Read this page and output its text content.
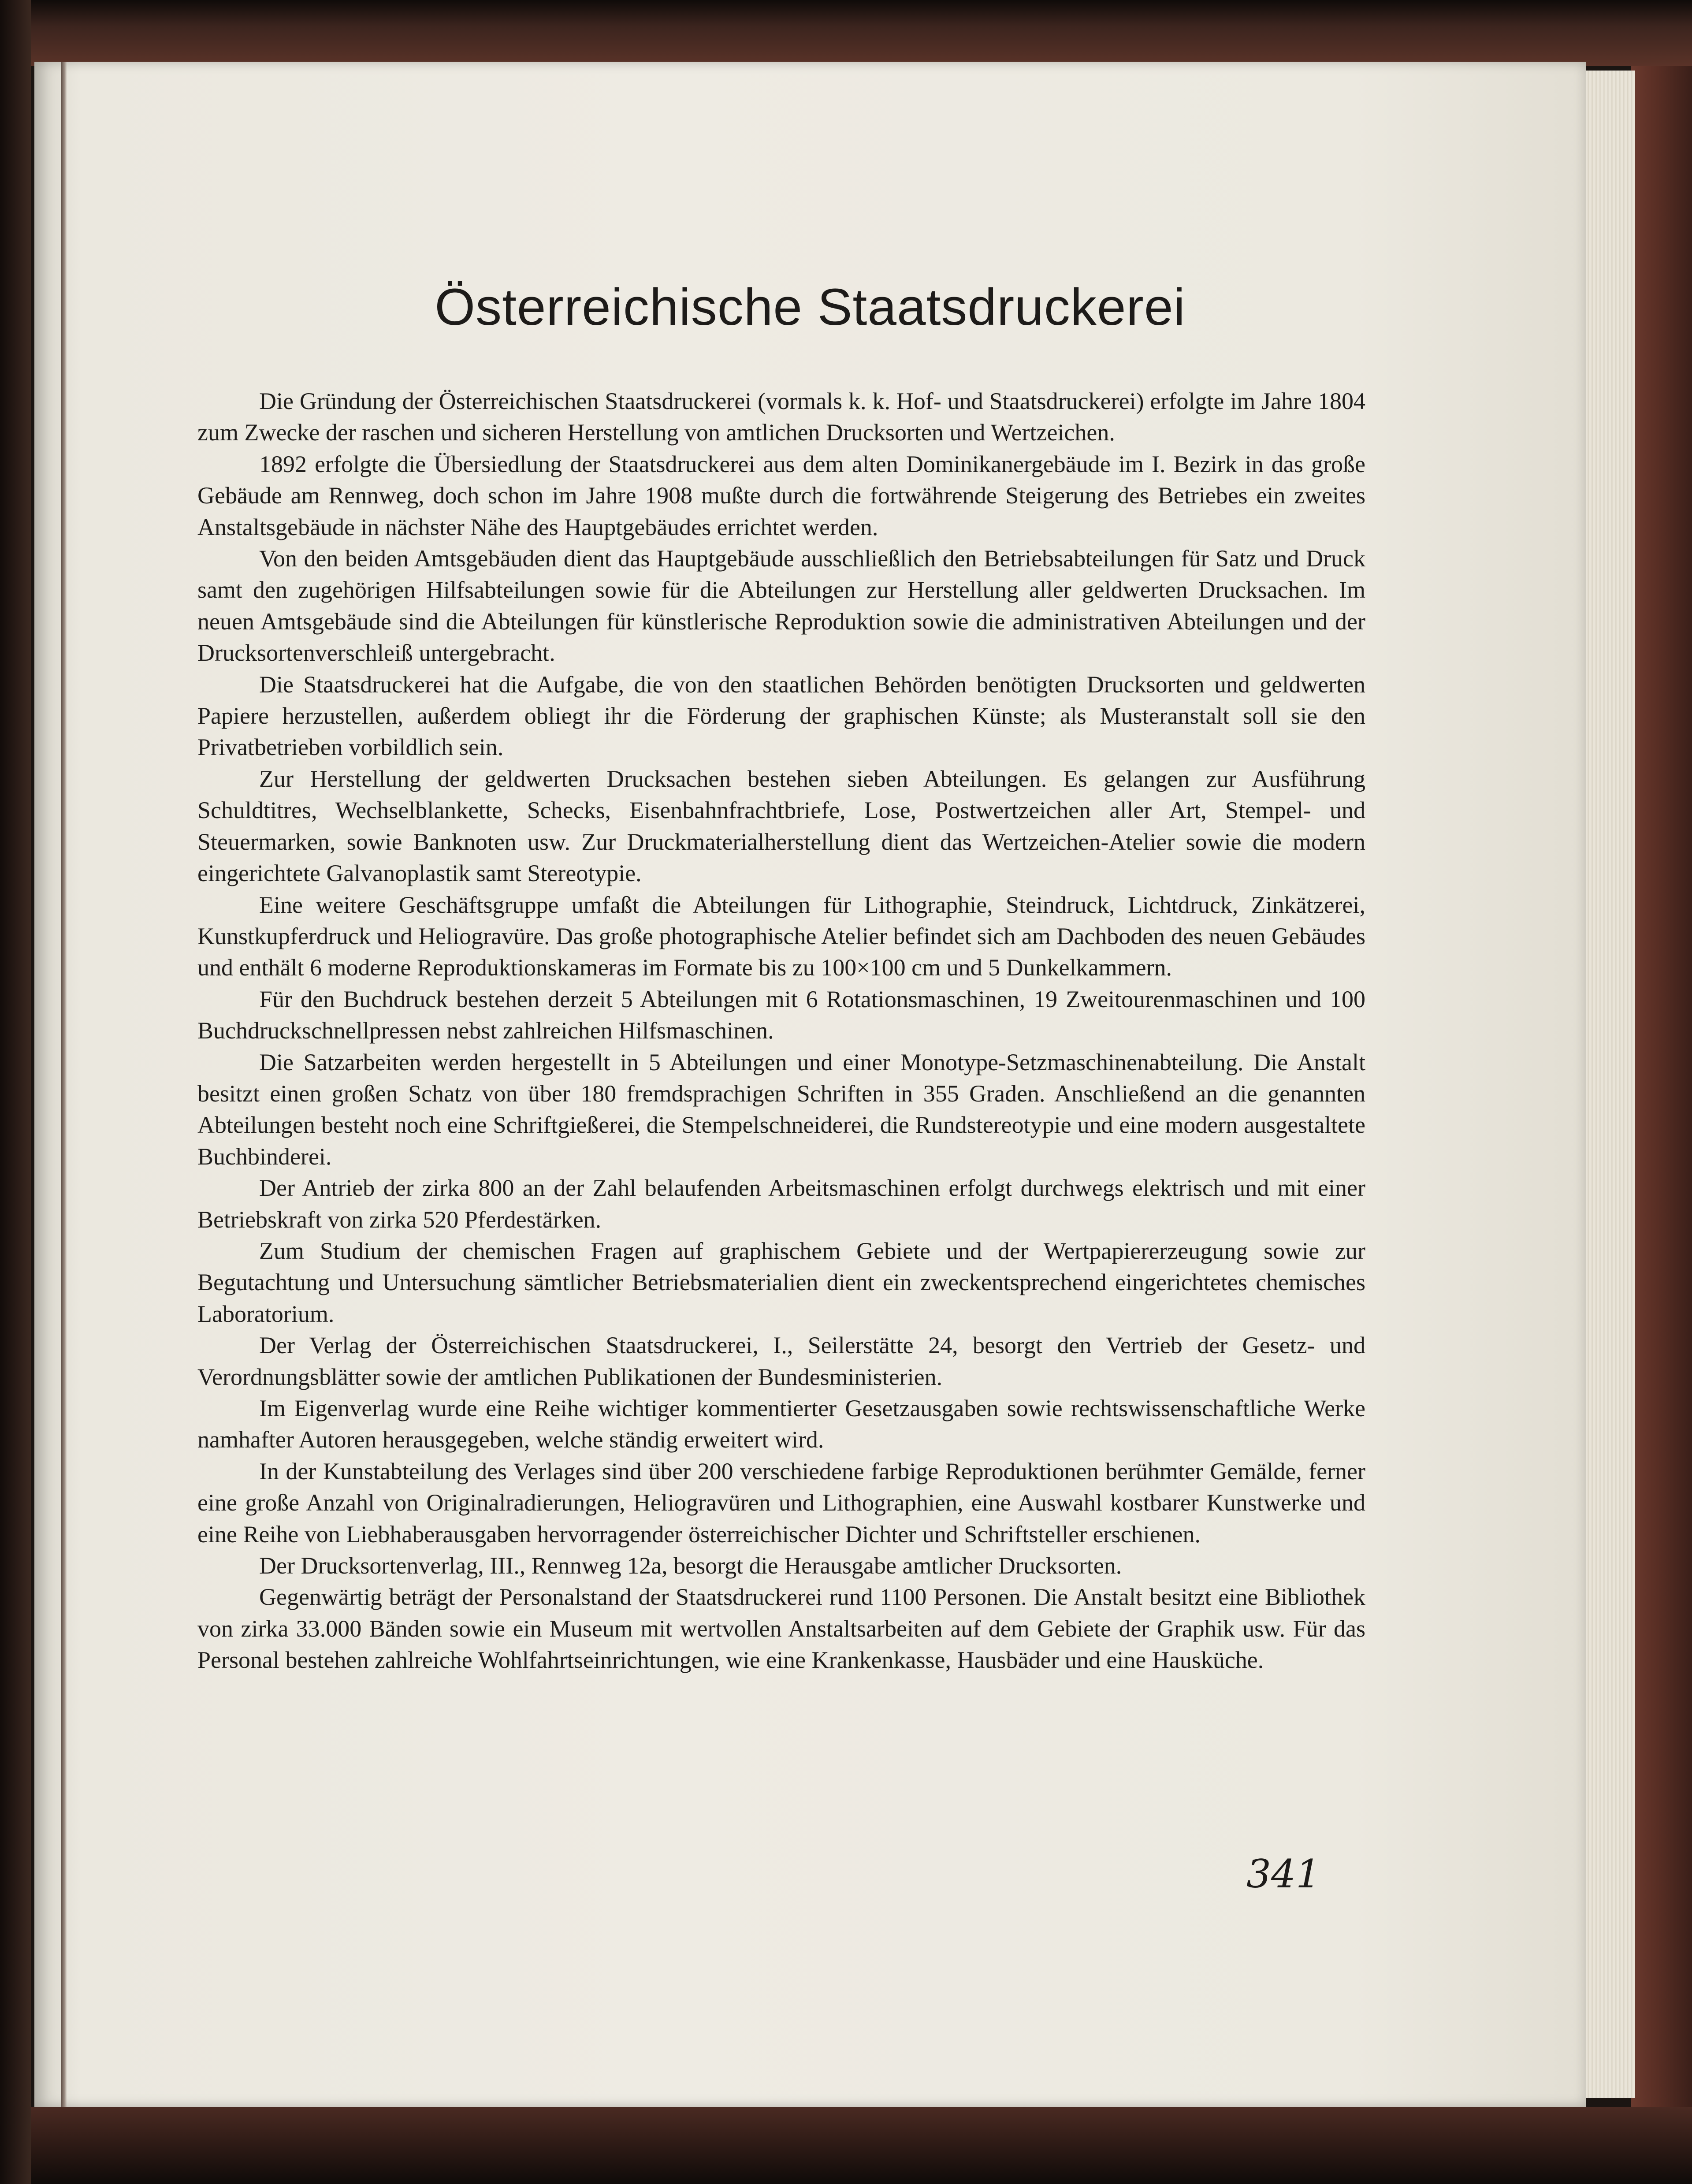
Österreichische Staatsdruckerei

Die Gründung der Österreichischen Staatsdruckerei (vormals k. k. Hof- und Staatsdruckerei) erfolgte im Jahre 1804 zum Zwecke der raschen und sicheren Herstellung von amtlichen Drucksorten und Wertzeichen.

1892 erfolgte die Übersiedlung der Staatsdruckerei aus dem alten Dominikanergebäude im I. Bezirk in das große Gebäude am Rennweg, doch schon im Jahre 1908 mußte durch die fortwährende Steigerung des Betriebes ein zweites Anstaltsgebäude in nächster Nähe des Hauptgebäudes errichtet werden.

Von den beiden Amtsgebäuden dient das Hauptgebäude ausschließlich den Betriebsabteilungen für Satz und Druck samt den zugehörigen Hilfsabteilungen sowie für die Abteilungen zur Herstellung aller geldwerten Drucksachen. Im neuen Amtsgebäude sind die Abteilungen für künstlerische Reproduktion sowie die administrativen Abteilungen und der Drucksortenverschleiß untergebracht.

Die Staatsdruckerei hat die Aufgabe, die von den staatlichen Behörden benötigten Drucksorten und geldwerten Papiere herzustellen, außerdem obliegt ihr die Förderung der graphischen Künste; als Musteranstalt soll sie den Privatbetrieben vorbildlich sein.

Zur Herstellung der geldwerten Drucksachen bestehen sieben Abteilungen. Es gelangen zur Ausführung Schuldtitres, Wechselblankette, Schecks, Eisenbahnfrachtbriefe, Lose, Postwertzeichen aller Art, Stempel- und Steuermarken, sowie Banknoten usw. Zur Druckmaterialherstellung dient das Wertzeichen-Atelier sowie die modern eingerichtete Galvanoplastik samt Stereotypie.

Eine weitere Geschäftsgruppe umfaßt die Abteilungen für Lithographie, Steindruck, Lichtdruck, Zinkätzerei, Kunstkupferdruck und Heliogravüre. Das große photographische Atelier befindet sich am Dachboden des neuen Gebäudes und enthält 6 moderne Reproduktionskameras im Formate bis zu 100×100 cm und 5 Dunkelkammern.

Für den Buchdruck bestehen derzeit 5 Abteilungen mit 6 Rotationsmaschinen, 19 Zweitourenmaschinen und 100 Buchdruckschnellpressen nebst zahlreichen Hilfsmaschinen.

Die Satzarbeiten werden hergestellt in 5 Abteilungen und einer Monotype-Setzmaschinenabteilung. Die Anstalt besitzt einen großen Schatz von über 180 fremdsprachigen Schriften in 355 Graden. Anschließend an die genannten Abteilungen besteht noch eine Schriftgießerei, die Stempelschneiderei, die Rundstereotypie und eine modern ausgestaltete Buchbinderei.

Der Antrieb der zirka 800 an der Zahl belaufenden Arbeitsmaschinen erfolgt durchwegs elektrisch und mit einer Betriebskraft von zirka 520 Pferdestärken.

Zum Studium der chemischen Fragen auf graphischem Gebiete und der Wertpapiererzeugung sowie zur Begutachtung und Untersuchung sämtlicher Betriebsmaterialien dient ein zweckentsprechend eingerichtetes chemisches Laboratorium.

Der Verlag der Österreichischen Staatsdruckerei, I., Seilerstätte 24, besorgt den Vertrieb der Gesetz- und Verordnungsblätter sowie der amtlichen Publikationen der Bundesministerien.

Im Eigenverlag wurde eine Reihe wichtiger kommentierter Gesetzausgaben sowie rechtswissenschaftliche Werke namhafter Autoren herausgegeben, welche ständig erweitert wird.

In der Kunstabteilung des Verlages sind über 200 verschiedene farbige Reproduktionen berühmter Gemälde, ferner eine große Anzahl von Originalradierungen, Heliogravüren und Lithographien, eine Auswahl kostbarer Kunstwerke und eine Reihe von Liebhaberausgaben hervorragender österreichischer Dichter und Schriftsteller erschienen.

Der Drucksortenverlag, III., Rennweg 12a, besorgt die Herausgabe amtlicher Drucksorten.

Gegenwärtig beträgt der Personalstand der Staatsdruckerei rund 1100 Personen. Die Anstalt besitzt eine Bibliothek von zirka 33.000 Bänden sowie ein Museum mit wertvollen Anstaltsarbeiten auf dem Gebiete der Graphik usw. Für das Personal bestehen zahlreiche Wohlfahrtseinrichtungen, wie eine Krankenkasse, Hausbäder und eine Hausküche.

341
